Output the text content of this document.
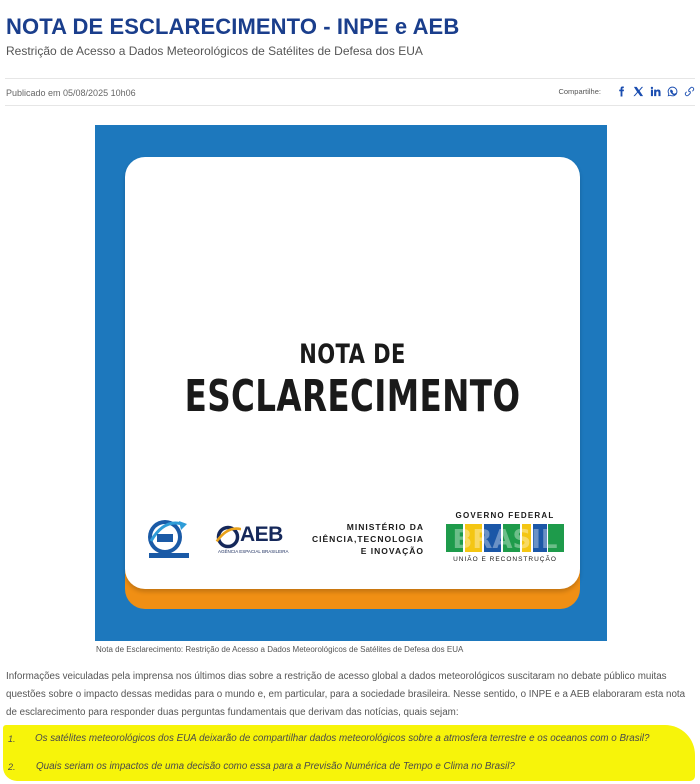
NOTA DE ESCLARECIMENTO - INPE e AEB
Restrição de Acesso a Dados Meteorológicos de Satélites de Defesa dos EUA
Publicado em 05/08/2025 10h06	Compartilhe:
NOTA DE
ESCLARECIMENTO
AEB
AGÊNCIA ESPACIAL BRASILEIRA
MINISTÉRIO DA
CIÊNCIA,TECNOLOGIA
E INOVAÇÃO
GOVERNO FEDERAL
BRASIL
UNIÃO E RECONSTRUÇÃO
Nota de Esclarecimento: Restrição de Acesso a Dados Meteorológicos de Satélites de Defesa dos EUA
Informações veiculadas pela imprensa nos últimos dias sobre a restrição de acesso global a dados meteorológicos suscitaram no debate público muitas questões sobre o impacto dessas medidas para o mundo e, em particular, para a sociedade brasileira. Nesse sentido, o INPE e a AEB elaboraram esta nota de esclarecimento para responder duas perguntas fundamentais que derivam das notícias, quais sejam:
1. Os satélites meteorológicos dos EUA deixarão de compartilhar dados meteorológicos sobre a atmosfera terrestre e os oceanos com o Brasil?
2. Quais seriam os impactos de uma decisão como essa para a Previsão Numérica de Tempo e Clima no Brasil?
